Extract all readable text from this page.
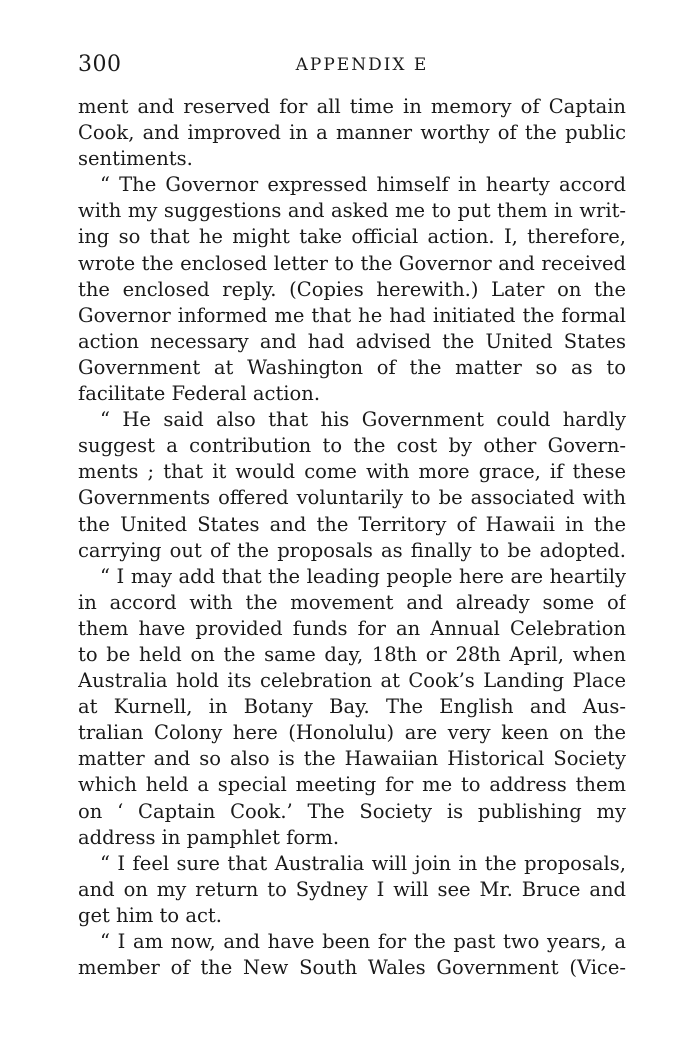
300	APPENDIX E
ment and reserved for all time in memory of Captain
Cook, and improved in a manner worthy of the public
sentiments.
“ The Governor expressed himself in hearty accord
with my suggestions and asked me to put them in writ-
ing so that he might take official action. I, therefore,
wrote the enclosed letter to the Governor and received
the enclosed reply. (Copies herewith.) Later on the
Governor informed me that he had initiated the formal
action necessary and had advised the United States
Government at Washington of the matter so as to
facilitate Federal action.
“ He said also that his Government could hardly
suggest a contribution to the cost by other Govern-
ments ; that it would come with more grace, if these
Governments offered voluntarily to be associated with
the United States and the Territory of Hawaii in the
carrying out of the proposals as finally to be adopted.
“ I may add that the leading people here are heartily
in accord with the movement and already some of
them have provided funds for an Annual Celebration
to be held on the same day, 18th or 28th April, when
Australia hold its celebration at Cook’s Landing Place
at Kurnell, in Botany Bay. The English and Aus-
tralian Colony here (Honolulu) are very keen on the
matter and so also is the Hawaiian Historical Society
which held a special meeting for me to address them
on ‘ Captain Cook.’ The Society is publishing my
address in pamphlet form.
“ I feel sure that Australia will join in the proposals,
and on my return to Sydney I will see Mr. Bruce and
get him to act.
“ I am now, and have been for the past two years, a
member of the New South Wales Government (Vice-
